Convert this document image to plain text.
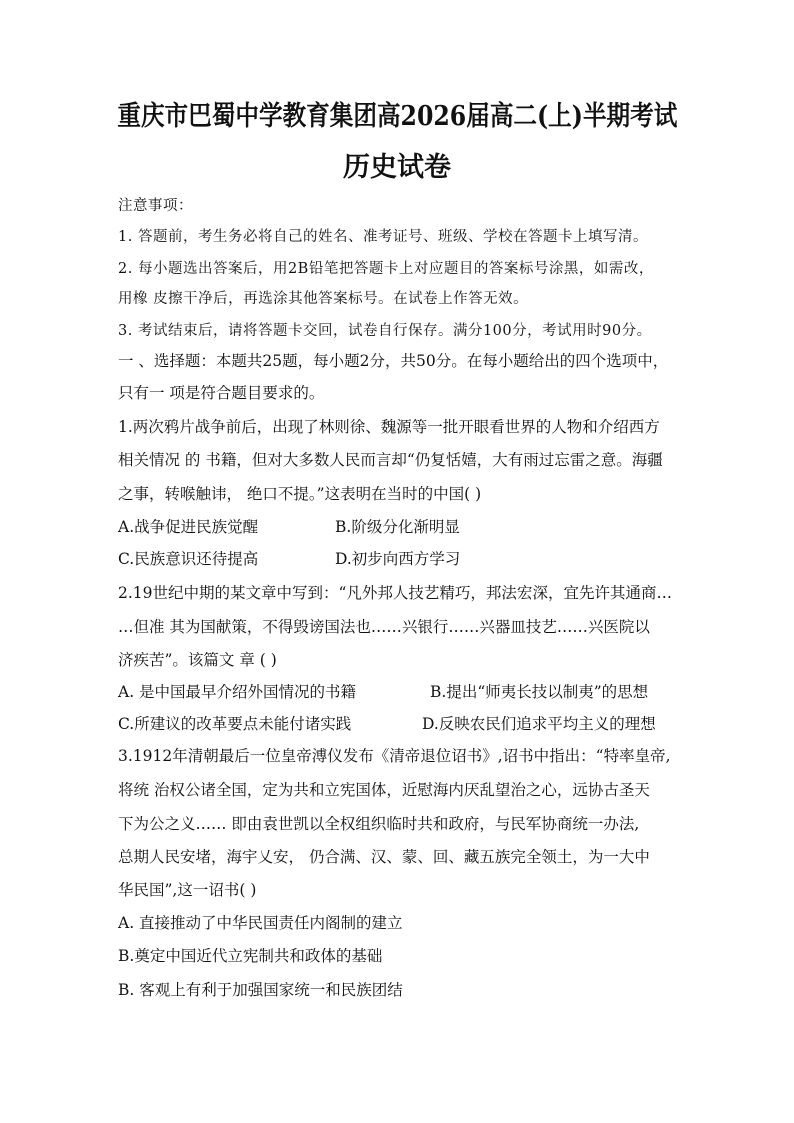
重庆市巴蜀中学教育集团高2026届高二(上)半期考试
历史试卷
注意事项：
1. 答题前，考生务必将自己的姓名、准考证号、班级、学校在答题卡上填写清。
2. 每小题选出答案后，用2B铅笔把答题卡上对应题目的答案标号涂黑，如需改，
用橡 皮擦干净后，再选涂其他答案标号。在试卷上作答无效。
3. 考试结束后，请将答题卡交回，试卷自行保存。满分100分，考试用时90分。
一 、选择题：本题共25题，每小题2分，共50分。在每小题给出的四个选项中，
只有一 项是符合题目要求的。
1.两次鸦片战争前后，出现了林则徐、魏源等一批开眼看世界的人物和介绍西方
相关情况 的 书籍，但对大多数人民而言却“仍复恬嬉，大有雨过忘雷之意。海疆
之事，转喉触讳， 绝口不提。”这表明在当时的中国( )
A.战争促进民族觉醒	B.阶级分化渐明显
C.民族意识还待提高	D.初步向西方学习
2.19世纪中期的某文章中写到：“凡外邦人技艺精巧，邦法宏深，宜先许其通商…
…但准 其为国献策，不得毁谤国法也……兴银行……兴器皿技艺……兴医院以
济疾苦”。该篇文 章 ( )
A. 是中国最早介绍外国情况的书籍	B.提出“师夷长技以制夷”的思想
C.所建议的改革要点未能付诸实践	D.反映农民们追求平均主义的理想
3.1912年清朝最后一位皇帝溥仪发布《清帝退位诏书》,诏书中指出：“特率皇帝,
将统 治权公诸全国，定为共和立宪国体，近慰海内厌乱望治之心，远协古圣天
下为公之义…… 即由袁世凯以全权组织临时共和政府，与民军协商统一办法,
总期人民安堵，海宇乂安， 仍合满、汉、蒙、回、藏五族完全领土，为一大中
华民国”,这一诏书( )
A. 直接推动了中华民国责任内阁制的建立
B.奠定中国近代立宪制共和政体的基础
B. 客观上有利于加强国家统一和民族团结
